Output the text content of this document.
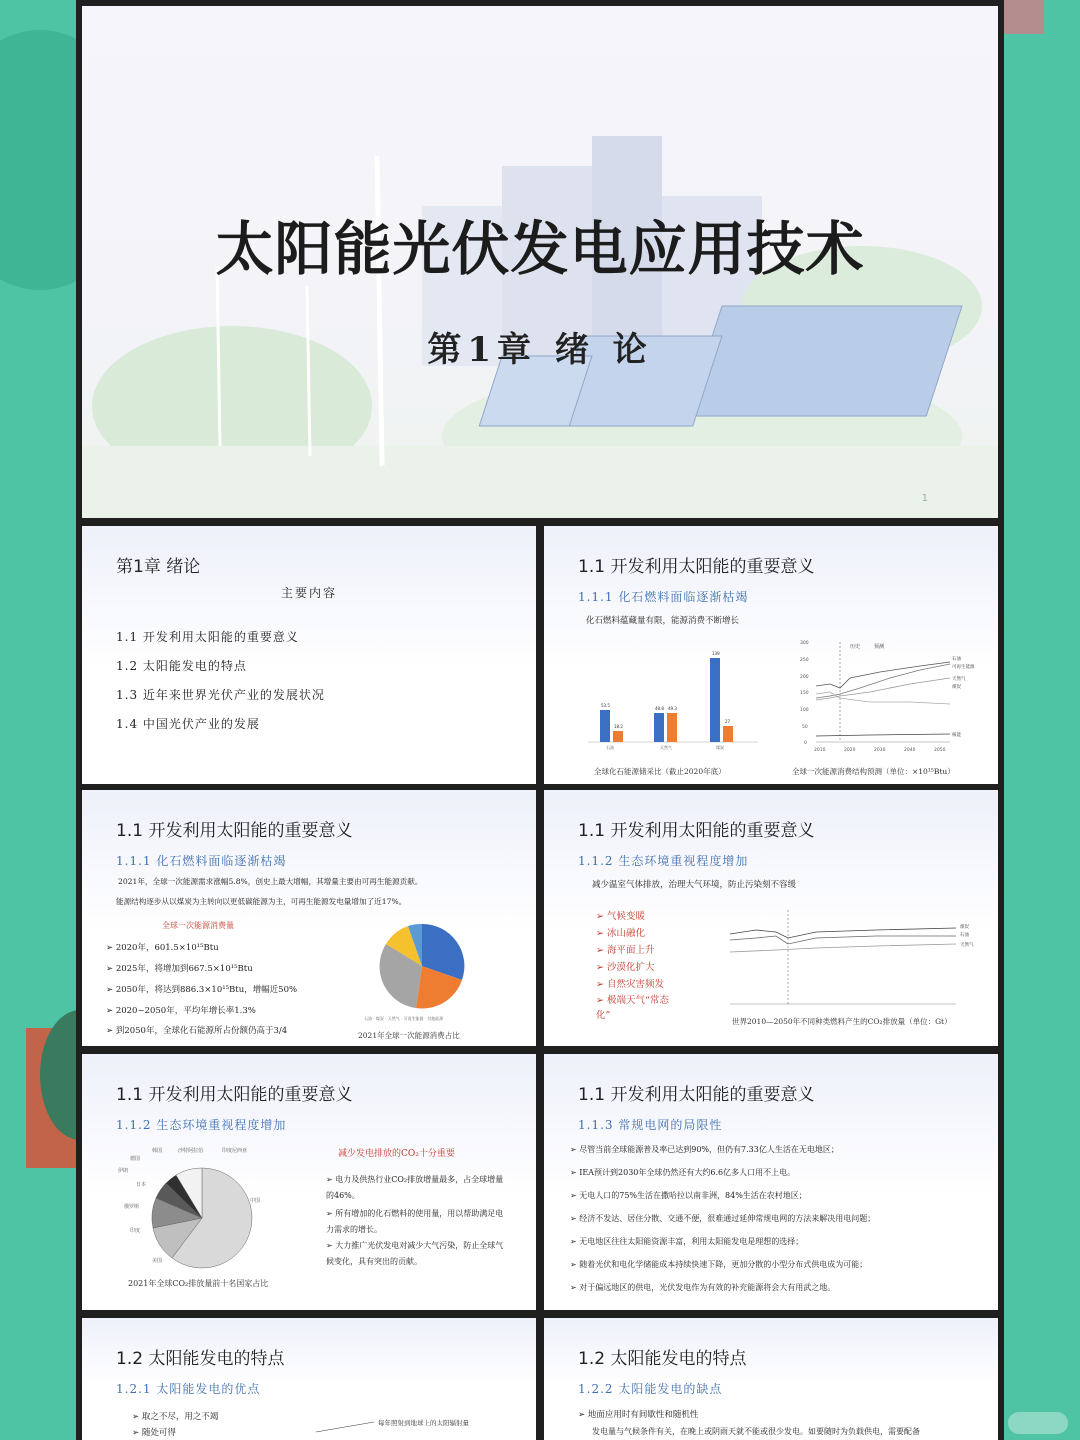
太阳能光伏发电应用技术
第1章 绪 论
1
第1章 绪论
主要内容
1.1 开发利用太阳能的重要意义
1.2 太阳能发电的特点
1.3 近年来世界光伏产业的发展状况
1.4 中国光伏产业的发展
1.1 开发利用太阳能的重要意义
1.1.1 化石燃料面临逐渐枯竭
化石燃料蕴藏量有限，能源消费不断增长
53.5
18.2
48.8 49.3
139
27
石油	天然气	煤炭
历史	预测
石油
可再生能源
天然气
煤炭
核能
300
250
200
150
100
50
0
2010	2020	2030	2040	2050
全球化石能源储采比（截止2020年底）	全球一次能源消费结构预测（单位：×10¹⁵Btu）
1.1 开发利用太阳能的重要意义
1.1.1 化石燃料面临逐渐枯竭
2021年，全球一次能源需求涨幅5.8%，创史上最大增幅，其增量主要由可再生能源贡献。
能源结构逐步从以煤炭为主转向以更低碳能源为主，可再生能源发电量增加了近17%。
全球一次能源消费量
➢ 2020年，601.5×10¹⁵Btu
➢ 2025年，将增加到667.5×10¹⁵Btu
➢ 2050年，将达到886.3×10¹⁵Btu，增幅近50%
➢ 2020~2050年，平均年增长率1.3%
➢ 到2050年，全球化石能源所占份额仍高于3/4	2021年全球一次能源消费占比
石油 · 煤炭 · 天然气 · 可再生能源 · 其他能源
1.1 开发利用太阳能的重要意义
1.1.2 生态环境重视程度增加
减少温室气体排放，治理大气环境，防止污染刻不容缓
➢ 气候变暖
➢ 冰山融化
➢ 海平面上升
➢ 沙漠化扩大
➢ 自然灾害频发
➢ 极端天气“常态化”
煤炭
石油
天然气
世界2010—2050年不同种类燃料产生的CO₂排放量（单位：Gt）
1.1 开发利用太阳能的重要意义
1.1.2 生态环境重视程度增加
中国
美国
印度
俄罗斯
日本
伊朗
德国
韩国	沙特阿拉伯	印度尼西亚
2021年全球CO₂排放量前十名国家占比
减少发电排放的CO₂十分重要
➢ 电力及供热行业CO₂排放增量最多，占全球增量的46%。
➢ 所有增加的化石燃料的使用量，用以帮助满足电力需求的增长。
➢ 大力推广光伏发电对减少大气污染，防止全球气候变化，具有突出的贡献。
1.1 开发利用太阳能的重要意义
1.1.3 常规电网的局限性
➢ 尽管当前全球能源普及率已达到90%，但仍有7.33亿人生活在无电地区；
➢ IEA预计到2030年全球仍然还有大约6.6亿多人口用不上电。
➢ 无电人口的75%生活在撒哈拉以南非洲，84%生活在农村地区；
➢ 经济不发达、居住分散、交通不便，很难通过延伸常规电网的方法来解决用电问题；
➢ 无电地区往往太阳能资源丰富，利用太阳能发电是理想的选择；
➢ 随着光伏和电化学储能成本持续快速下降，更加分散的小型分布式供电成为可能；
➢ 对于偏远地区的供电，光伏发电作为有效的补充能源将会大有用武之地。
1.2 太阳能发电的特点
1.2.1 太阳能发电的优点
➢ 取之不尽，用之不竭
➢ 随处可得
每年照射到地球上的太阳辐射量
1.2 太阳能发电的特点
1.2.2 太阳能发电的缺点
➢ 地面应用时有间歇性和随机性
发电量与气候条件有关，在晚上或阴雨天就不能或很少发电。如要随时为负载供电，需要配备
